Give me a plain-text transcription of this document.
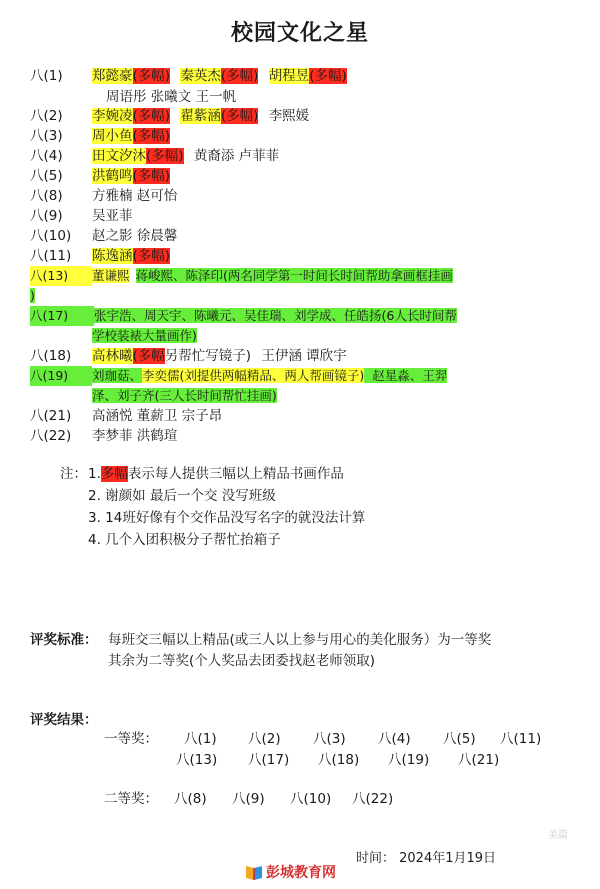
校园文化之星
八(1) 郑懿豪(多幅) 秦英杰(多幅) 胡程昱(多幅)
周语彤 张曦文 王一帆
八(2) 李婉凌(多幅) 翟紫涵(多幅) 李熙媛
八(3) 周小鱼(多幅)
八(4) 田文汐沐(多幅) 黄裔添 卢菲菲
八(5) 洪鹤鸣(多幅)
八(8) 方雅楠 赵可怡
八(9) 吴亚菲
八(10) 赵之影 徐晨馨
八(11) 陈逸涵(多幅)
八(13) 董谦熙 蒋峻熙、陈泽印(两名同学第一时间长时间帮助拿画框挂画
)
八(17) 张宇浩、周天宇、陈曦元、吴佳瑞、刘学成、任皓扬(6人长时间帮
学校装裱大量画作)
八(18) 高林曦(多幅另帮忙写镜子) 王伊涵 谭欣宇
八(19) 刘珈菇、李奕儒(刘提供两幅精品、两人帮画镜子) 赵星淼、王羿
泽、刘子齐(三人长时间帮忙挂画)
八(21) 高涵悦 董薪卫 宗子昂
八(22) 李梦菲 洪鹤瑄
注： 1.多幅表示每人提供三幅以上精品书画作品
2. 谢颜如 最后一个交 没写班级
3. 14班好像有个交作品没写名字的就没法计算
4. 几个入团积极分子帮忙抬箱子
评奖标准： 每班交三幅以上精品(或三人以上参与用心的美化服务）为一等奖
其余为二等奖(个人奖品去团委找赵老师领取)
评奖结果：
一等奖： 八(1) 八(2) 八(3) 八(4) 八(5) 八(11)
八(13) 八(17) 八(18) 八(19) 八(21)
二等奖： 八(8) 八(9) 八(10) 八(22)
美篇
时间： 2024年1月19日
彭城教育网
